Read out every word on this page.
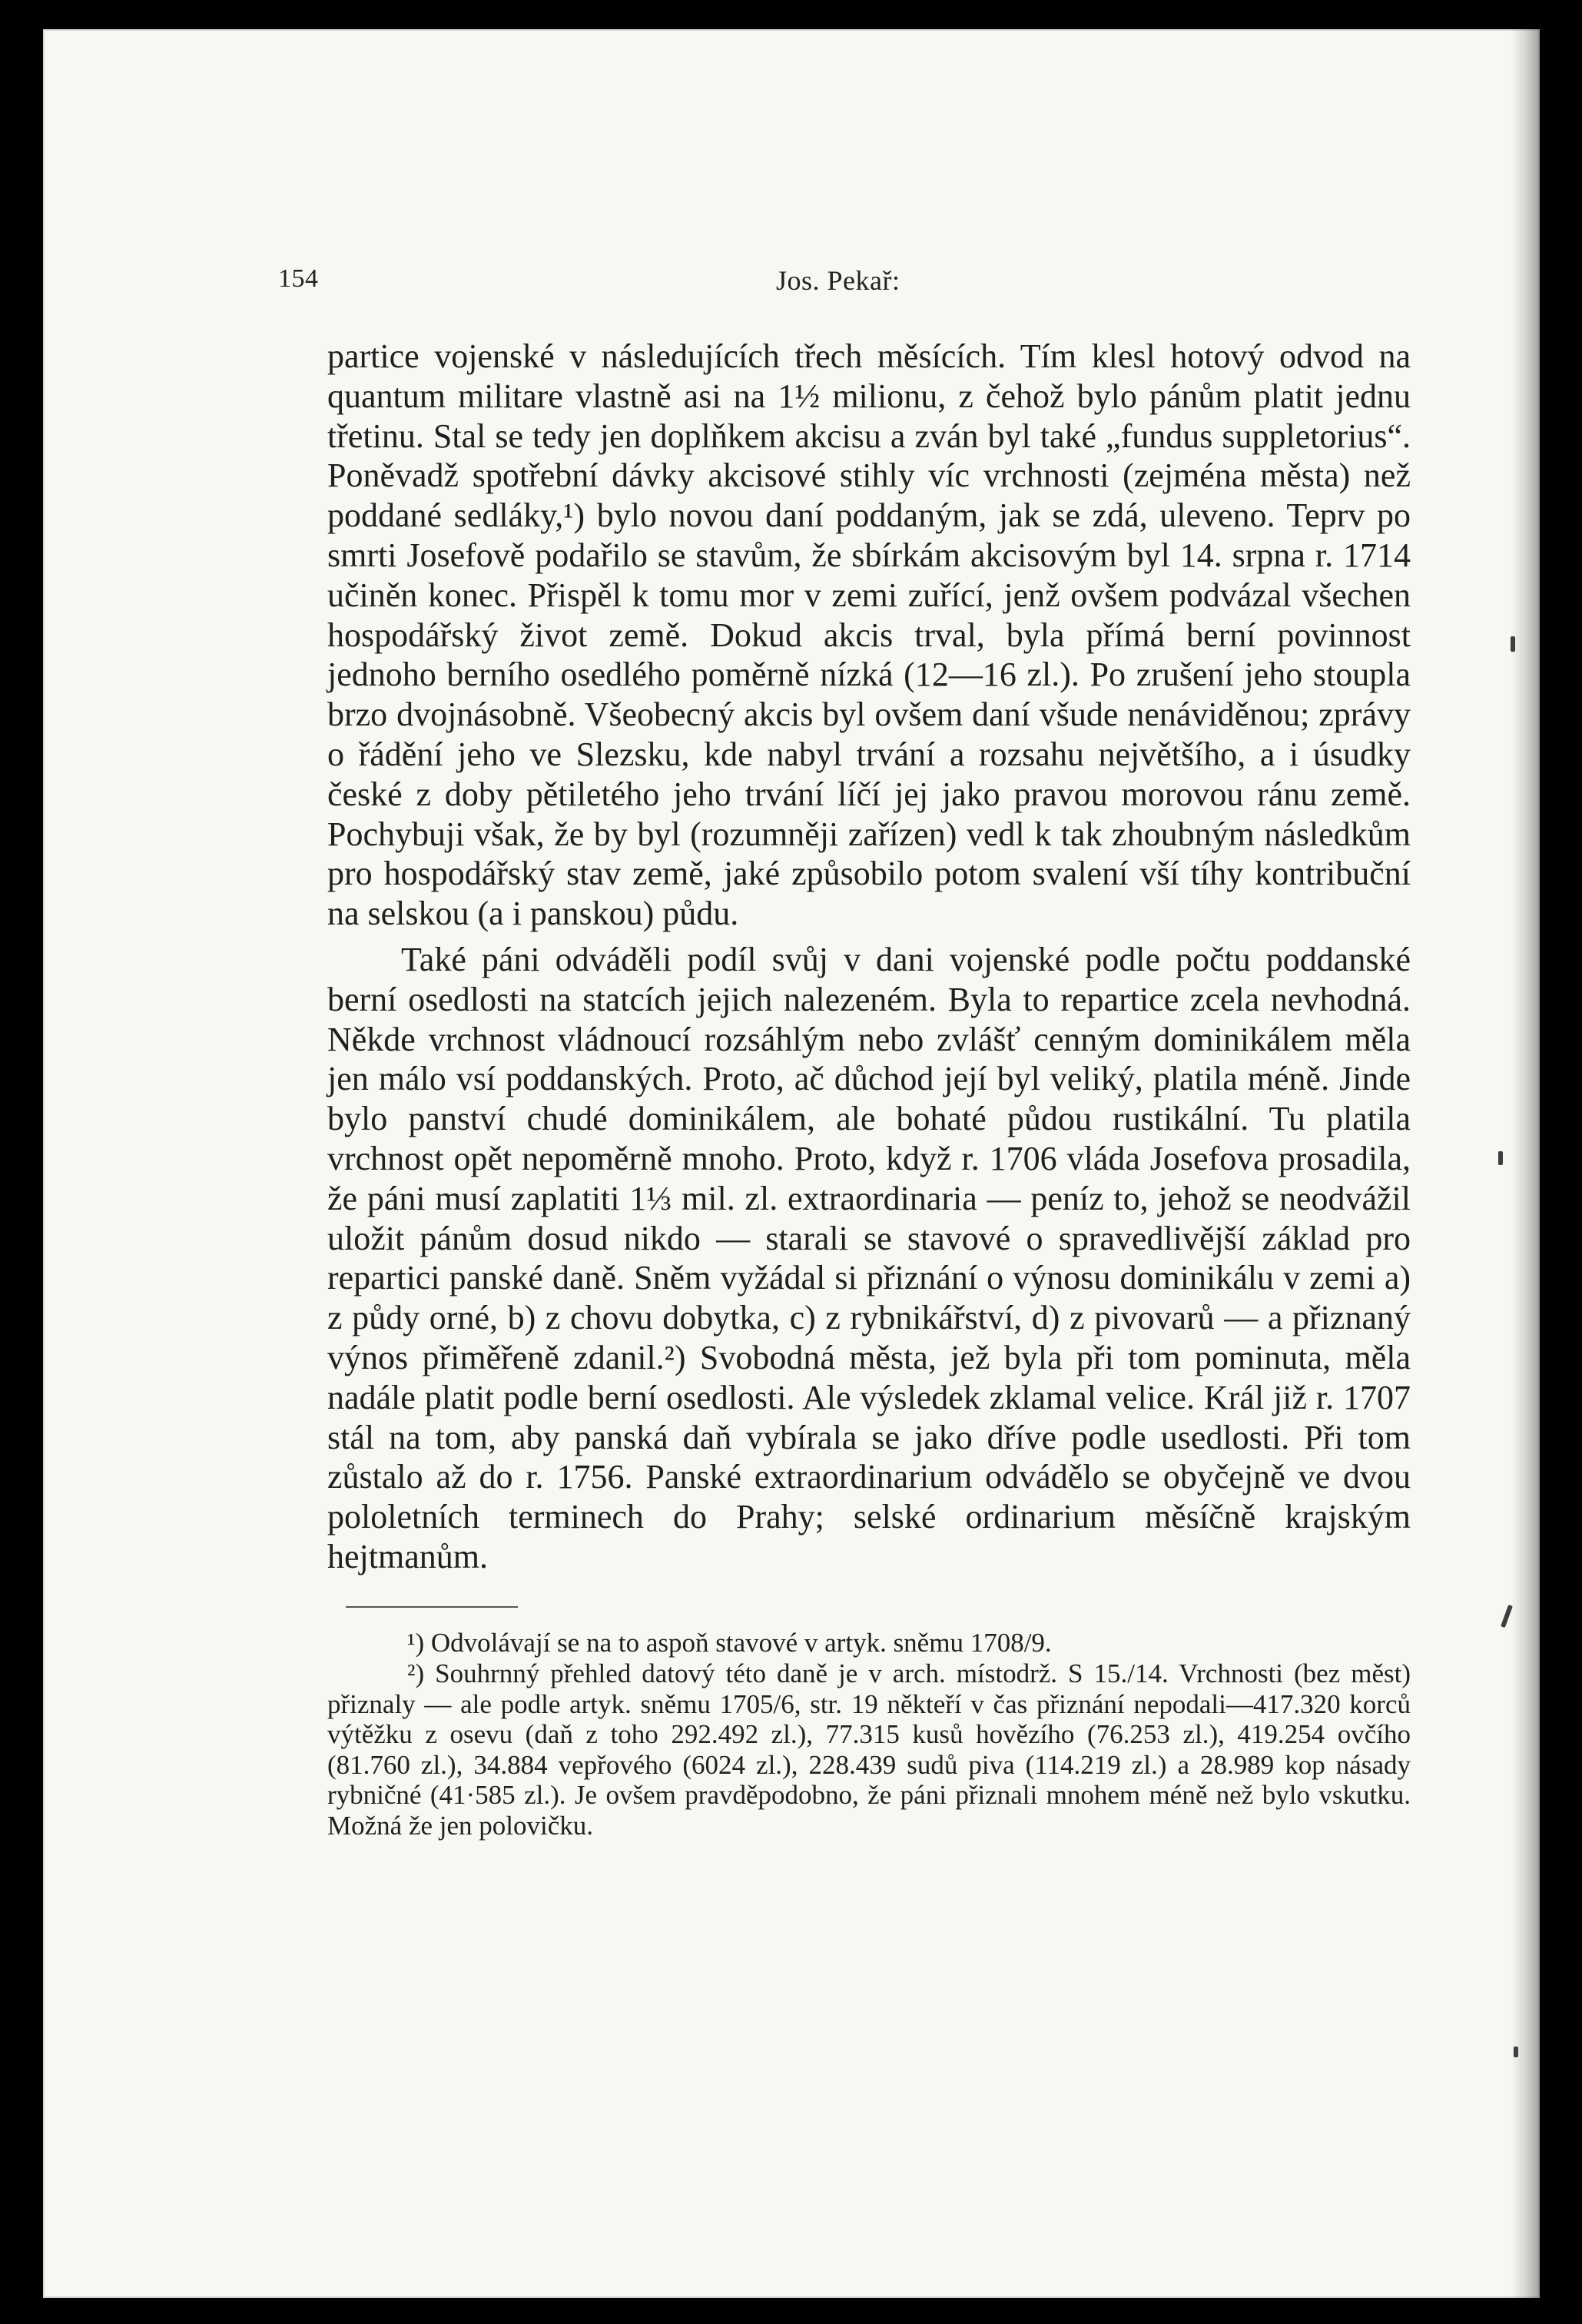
154	Jos. Pekař:

partice vojenské v následujících třech měsících. Tím klesl hotový odvod na quantum militare vlastně asi na 1½ milionu, z čehož bylo pánům platit jednu třetinu. Stal se tedy jen doplňkem akcisu a zván byl také „fundus suppletorius“. Poněvadž spotřební dávky akcisové stihly víc vrchnosti (zejména města) než poddané sedláky,¹) bylo novou daní poddaným, jak se zdá, uleveno. Teprv po smrti Josefově podařilo se stavům, že sbírkám akcisovým byl 14. srpna r. 1714 učiněn konec. Přispěl k tomu mor v zemi zuřící, jenž ovšem podvázal všechen hospodářský život země. Dokud akcis trval, byla přímá berní povinnost jednoho berního osedlého poměrně nízká (12—16 zl.). Po zrušení jeho stoupla brzo dvojnásobně. Všeobecný akcis byl ovšem daní všude nenáviděnou; zprávy o řádění jeho ve Slezsku, kde nabyl trvání a rozsahu největšího, a i úsudky české z doby pětiletého jeho trvání líčí jej jako pravou morovou ránu země. Pochybuji však, že by byl (rozumněji zařízen) vedl k tak zhoubným následkům pro hospodářský stav země, jaké způsobilo potom svalení vší tíhy kontribuční na selskou (a i panskou) půdu.

Také páni odváděli podíl svůj v dani vojenské podle počtu poddanské berní osedlosti na statcích jejich nalezeném. Byla to repartice zcela nevhodná. Někde vrchnost vládnoucí rozsáhlým nebo zvlášť cenným dominikálem měla jen málo vsí poddanských. Proto, ač důchod její byl veliký, platila méně. Jinde bylo panství chudé dominikálem, ale bohaté půdou rustikální. Tu platila vrchnost opět nepoměrně mnoho. Proto, když r. 1706 vláda Josefova prosadila, že páni musí zaplatiti 1⅓ mil. zl. extraordinaria — peníz to, jehož se neodvážil uložit pánům dosud nikdo — starali se stavové o spravedlivější základ pro repartici panské daně. Sněm vyžádal si přiznání o výnosu dominikálu v zemi a) z půdy orné, b) z chovu dobytka, c) z rybnikářství, d) z pivovarů — a přiznaný výnos přiměřeně zdanil.²) Svobodná města, jež byla při tom pominuta, měla nadále platit podle berní osedlosti. Ale výsledek zklamal velice. Král již r. 1707 stál na tom, aby panská daň vybírala se jako dříve podle usedlosti. Při tom zůstalo až do r. 1756. Panské extraordinarium odvádělo se obyčejně ve dvou pololetních terminech do Prahy; selské ordinarium měsíčně krajským hejtmanům.

¹) Odvolávají se na to aspoň stavové v artyk. sněmu 1708/9.

²) Souhrnný přehled datový této daně je v arch. místodrž. S 15./14. Vrchnosti (bez měst) přiznaly — ale podle artyk. sněmu 1705/6, str. 19 někteří v čas přiznání nepodali—417.320 korců výtěžku z osevu (daň z toho 292.492 zl.), 77.315 kusů hovězího (76.253 zl.), 419.254 ovčího (81.760 zl.), 34.884 vepřového (6024 zl.), 228.439 sudů piva (114.219 zl.) a 28.989 kop násady rybničné (41·585 zl.). Je ovšem pravděpodobno, že páni přiznali mnohem méně než bylo vskutku. Možná že jen polovičku.
